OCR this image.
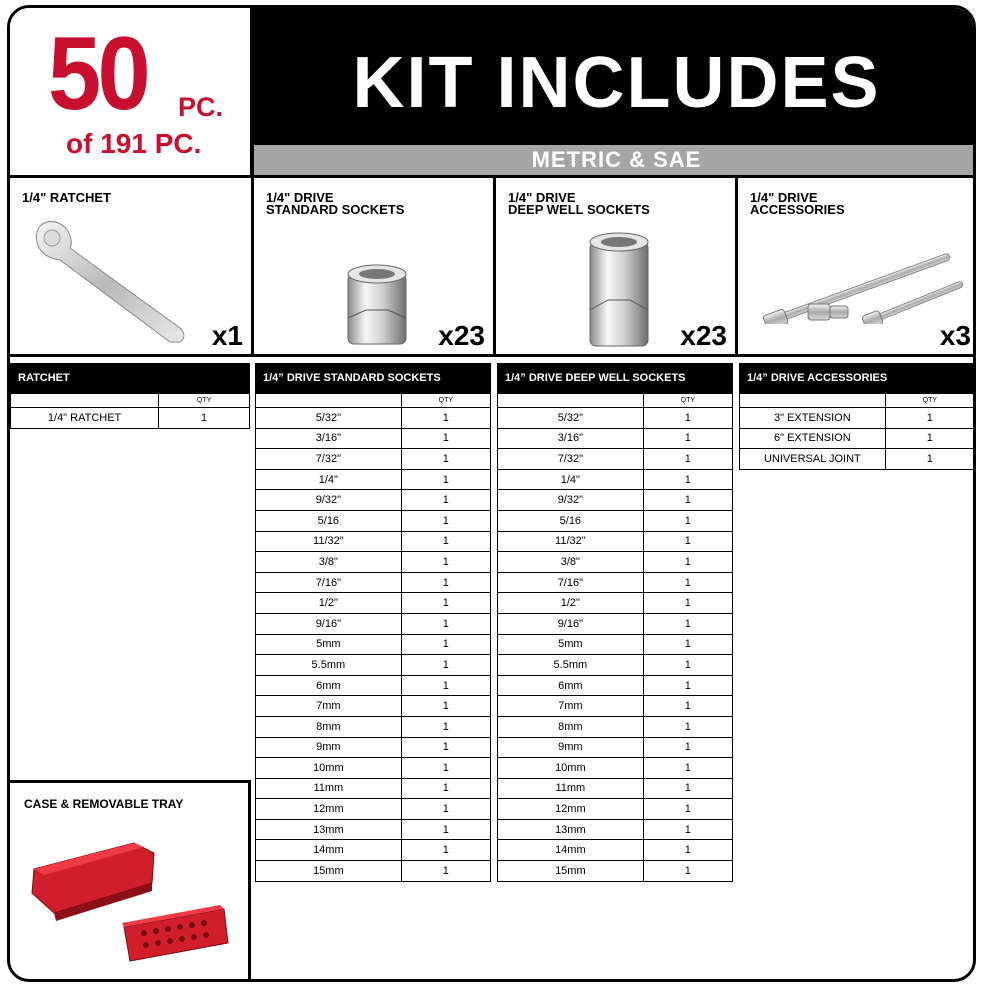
50 PC.
of 191 PC.
KIT INCLUDES
METRIC & SAE
1/4" RATCHET
x1
1/4" DRIVE
STANDARD SOCKETS
x23
1/4" DRIVE
DEEP WELL SOCKETS
x23
1/4" DRIVE
ACCESSORIES
x3
RATCHET
	QTY
1/4" RATCHET	1
1/4” DRIVE STANDARD SOCKETS
	QTY
5/32"	1
3/16"	1
7/32"	1
1/4"	1
9/32"	1
5/16	1
11/32"	1
3/8"	1
7/16"	1
1/2"	1
9/16"	1
5mm	1
5.5mm	1
6mm	1
7mm	1
8mm	1
9mm	1
10mm	1
11mm	1
12mm	1
13mm	1
14mm	1
15mm	1
1/4” DRIVE DEEP WELL SOCKETS
	QTY
5/32"	1
3/16"	1
7/32"	1
1/4"	1
9/32"	1
5/16	1
11/32"	1
3/8"	1
7/16"	1
1/2"	1
9/16"	1
5mm	1
5.5mm	1
6mm	1
7mm	1
8mm	1
9mm	1
10mm	1
11mm	1
12mm	1
13mm	1
14mm	1
15mm	1
1/4” DRIVE ACCESSORIES
	QTY
3" EXTENSION	1
6" EXTENSION	1
UNIVERSAL JOINT	1
CASE & REMOVABLE TRAY
